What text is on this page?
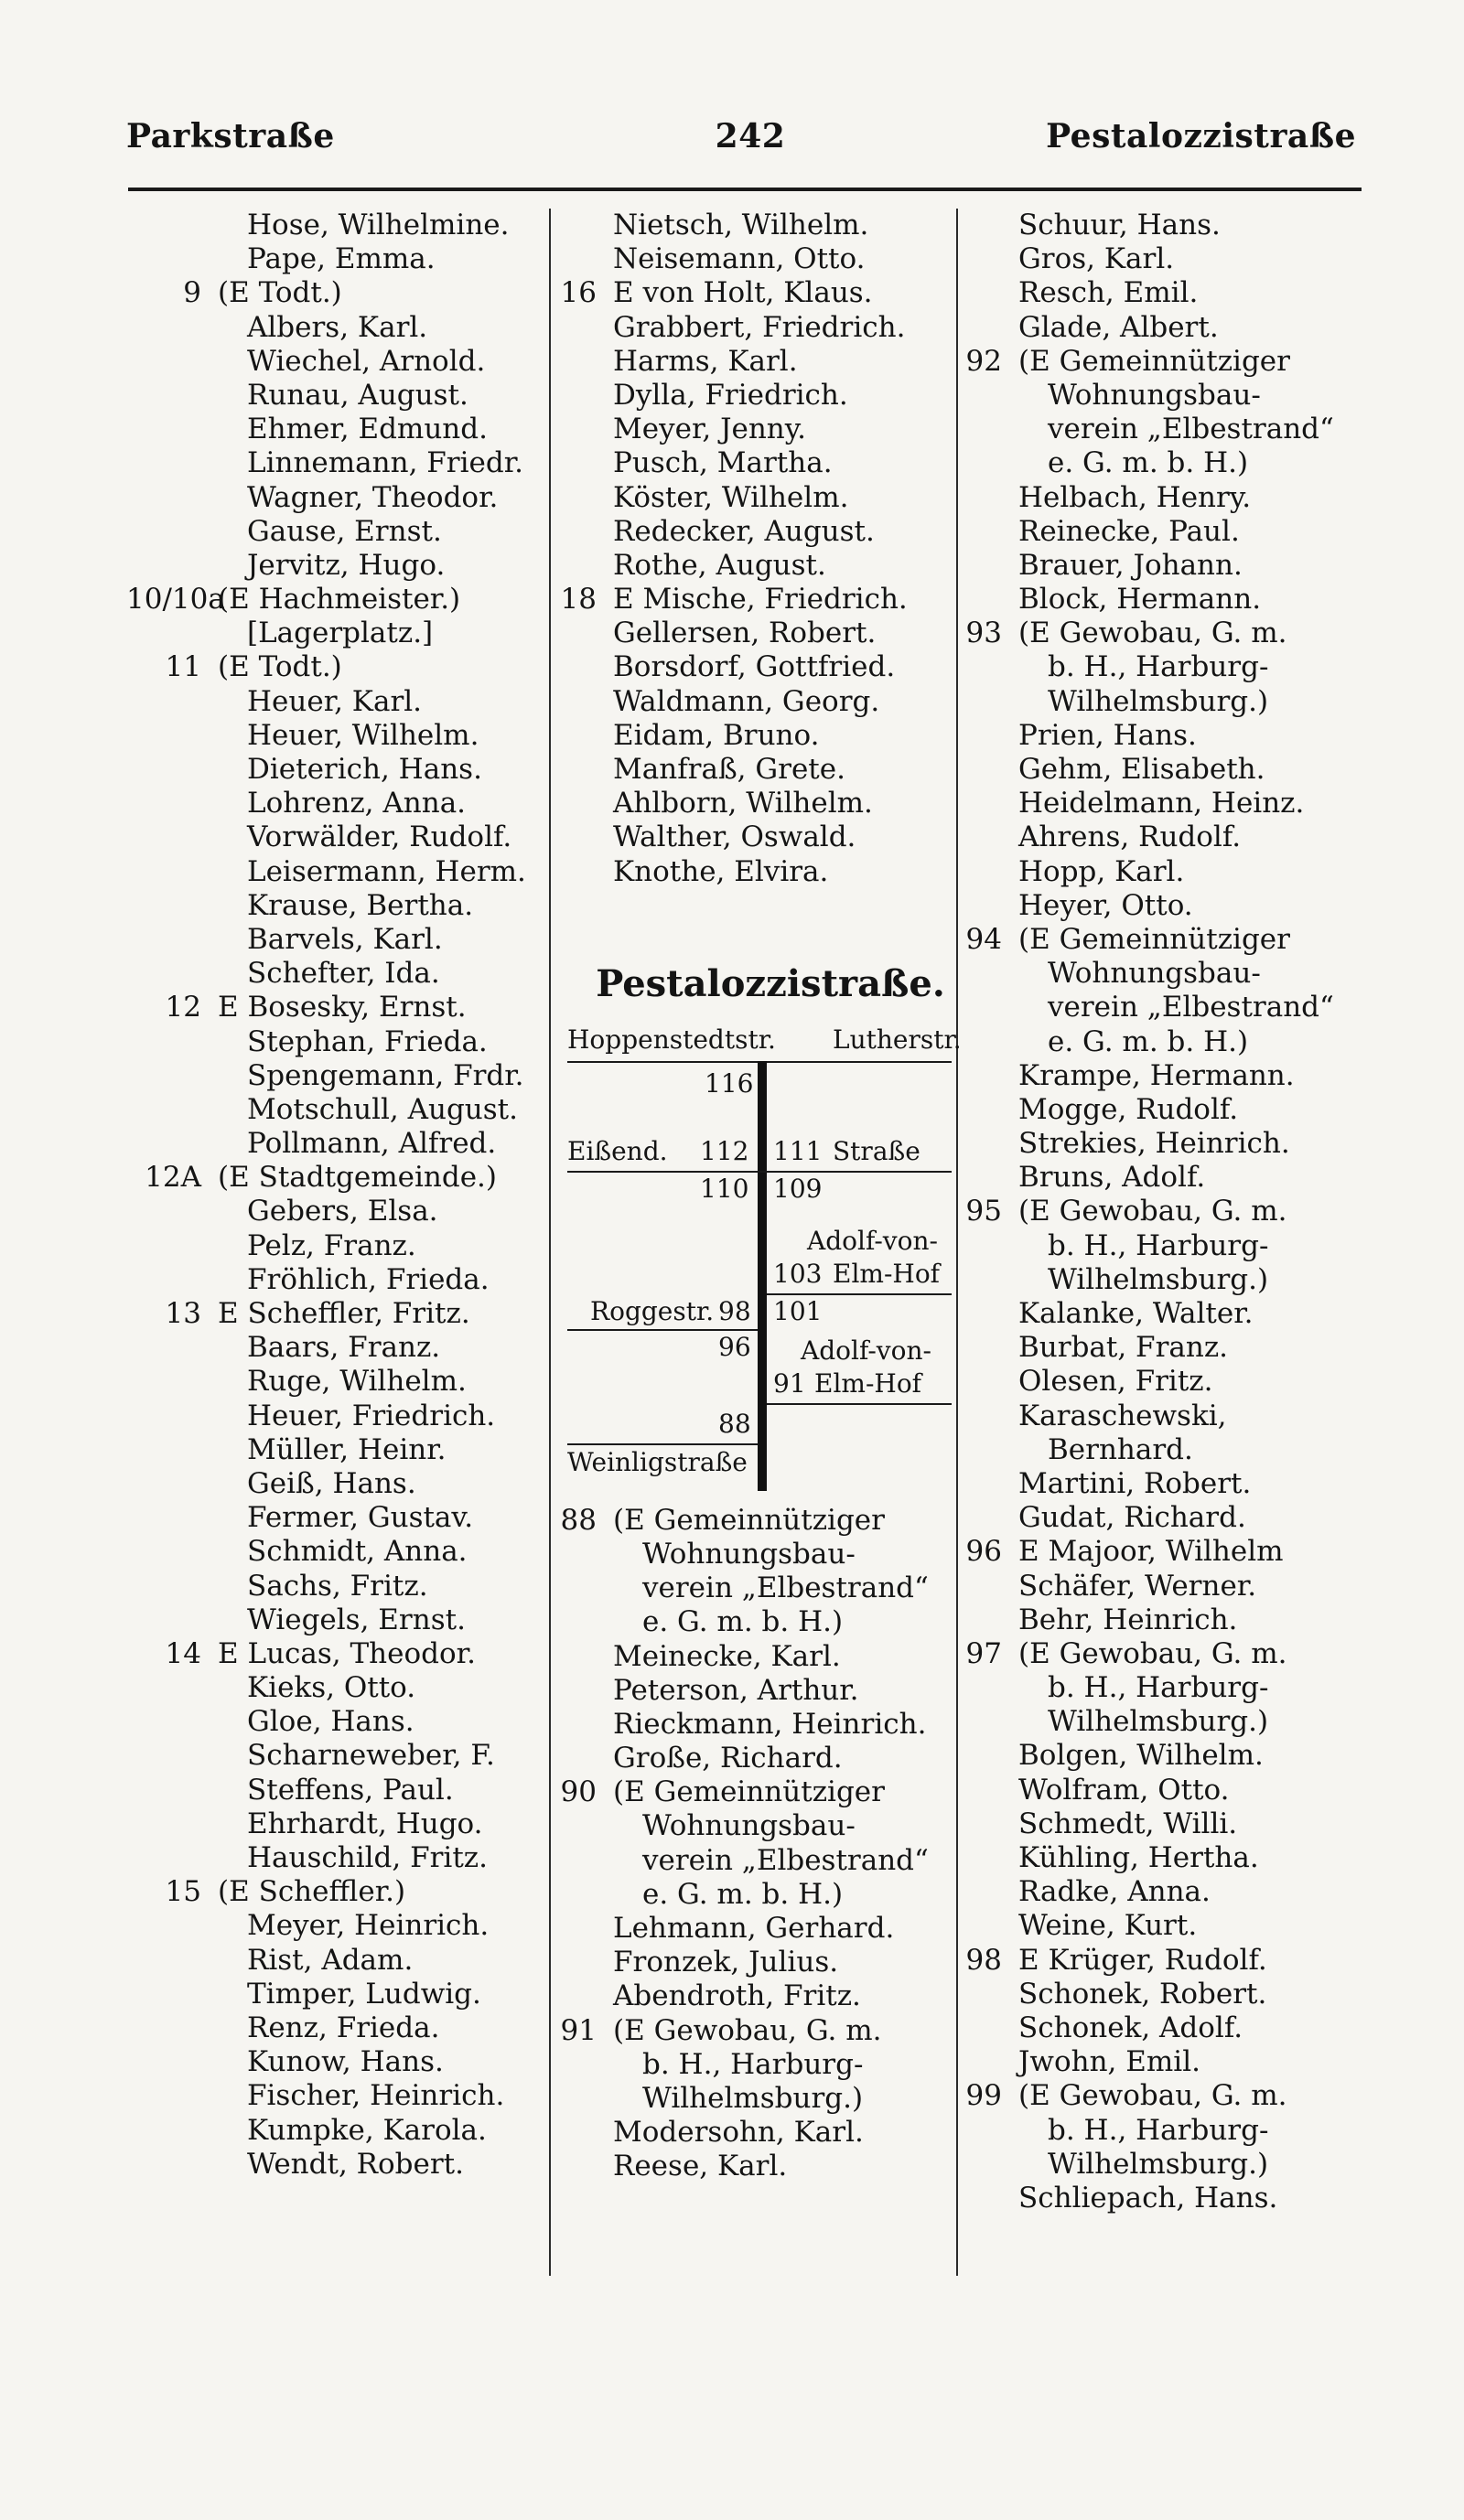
Parkstraße	242	Pestalozzistraße
Hose, Wilhelmine.
Pape, Emma.
9 (E Todt.)
Albers, Karl.
Wiechel, Arnold.
Runau, August.
Ehmer, Edmund.
Linnemann, Friedr.
Wagner, Theodor.
Gause, Ernst.
Jervitz, Hugo.
10/10a
(E Hachmeister.)
[Lagerplatz.]
11 (E Todt.)
Heuer, Karl.
Heuer, Wilhelm.
Dieterich, Hans.
Lohrenz, Anna.
Vorwälder, Rudolf.
Leisermann, Herm.
Krause, Bertha.
Barvels, Karl.
Schefter, Ida.
12 E Bosesky, Ernst.
Stephan, Frieda.
Spengemann, Frdr.
Motschull, August.
Pollmann, Alfred.
12A (E Stadtgemeinde.)
Gebers, Elsa.
Pelz, Franz.
Fröhlich, Frieda.
13 E Scheffler, Fritz.
Baars, Franz.
Ruge, Wilhelm.
Heuer, Friedrich.
Müller, Heinr.
Geiß, Hans.
Fermer, Gustav.
Schmidt, Anna.
Sachs, Fritz.
Wiegels, Ernst.
14 E Lucas, Theodor.
Kieks, Otto.
Gloe, Hans.
Scharneweber, F.
Steffens, Paul.
Ehrhardt, Hugo.
Hauschild, Fritz.
15 (E Scheffler.)
Meyer, Heinrich.
Rist, Adam.
Timper, Ludwig.
Renz, Frieda.
Kunow, Hans.
Fischer, Heinrich.
Kumpke, Karola.
Wendt, Robert.
Nietsch, Wilhelm.
Neisemann, Otto.
16 E von Holt, Klaus.
Grabbert, Friedrich.
Harms, Karl.
Dylla, Friedrich.
Meyer, Jenny.
Pusch, Martha.
Köster, Wilhelm.
Redecker, August.
Rothe, August.
18 E Mische, Friedrich.
Gellersen, Robert.
Borsdorf, Gottfried.
Waldmann, Georg.
Eidam, Bruno.
Manfraß, Grete.
Ahlborn, Wilhelm.
Walther, Oswald.
Knothe, Elvira.
Pestalozzistraße.
Hoppenstedtstr. Lutherstr.
116
Eißend. 112 111 Straße
110 109
Adolf-von-
103 Elm-Hof
Roggestr. 98 101
96 Adolf-von-
91 Elm-Hof
88
Weinligstraße
88 (E Gemeinnütziger
Wohnungsbau-
verein „Elbestrand“
e. G. m. b. H.)
Meinecke, Karl.
Peterson, Arthur.
Rieckmann, Heinrich.
Große, Richard.
90 (E Gemeinnütziger
Wohnungsbau-
verein „Elbestrand“
e. G. m. b. H.)
Lehmann, Gerhard.
Fronzek, Julius.
Abendroth, Fritz.
91 (E Gewobau, G. m.
b. H., Harburg-
Wilhelmsburg.)
Modersohn, Karl.
Reese, Karl.
Schuur, Hans.
Gros, Karl.
Resch, Emil.
Glade, Albert.
92 (E Gemeinnütziger
Wohnungsbau-
verein „Elbestrand“
e. G. m. b. H.)
Helbach, Henry.
Reinecke, Paul.
Brauer, Johann.
Block, Hermann.
93 (E Gewobau, G. m.
b. H., Harburg-
Wilhelmsburg.)
Prien, Hans.
Gehm, Elisabeth.
Heidelmann, Heinz.
Ahrens, Rudolf.
Hopp, Karl.
Heyer, Otto.
94 (E Gemeinnütziger
Wohnungsbau-
verein „Elbestrand“
e. G. m. b. H.)
Krampe, Hermann.
Mogge, Rudolf.
Strekies, Heinrich.
Bruns, Adolf.
95 (E Gewobau, G. m.
b. H., Harburg-
Wilhelmsburg.)
Kalanke, Walter.
Burbat, Franz.
Olesen, Fritz.
Karaschewski,
Bernhard.
Martini, Robert.
Gudat, Richard.
96 E Majoor, Wilhelm
Schäfer, Werner.
Behr, Heinrich.
97 (E Gewobau, G. m.
b. H., Harburg-
Wilhelmsburg.)
Bolgen, Wilhelm.
Wolfram, Otto.
Schmedt, Willi.
Kühling, Hertha.
Radke, Anna.
Weine, Kurt.
98 E Krüger, Rudolf.
Schonek, Robert.
Schonek, Adolf.
Jwohn, Emil.
99 (E Gewobau, G. m.
b. H., Harburg-
Wilhelmsburg.)
Schliepach, Hans.
